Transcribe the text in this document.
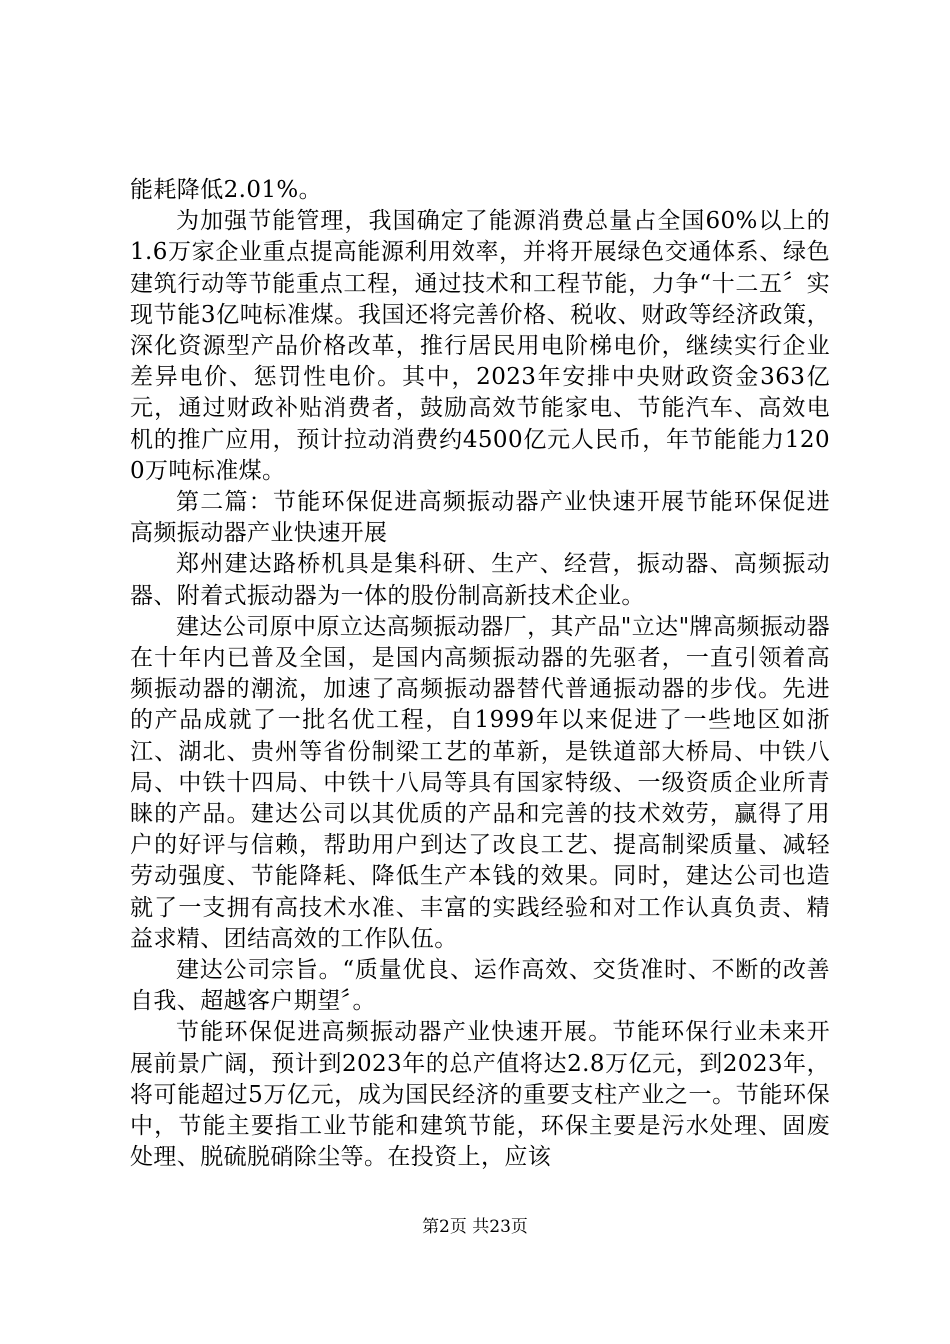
能耗降低2.01%。

为加强节能管理，我国确定了能源消费总量占全国60%以上的1.6万家企业重点提高能源利用效率，并将开展绿色交通体系、绿色建筑行动等节能重点工程，通过技术和工程节能，力争“十二五〞实现节能3亿吨标准煤。我国还将完善价格、税收、财政等经济政策，深化资源型产品价格改革，推行居民用电阶梯电价，继续实行企业差异电价、惩罚性电价。其中，2023年安排中央财政资金363亿元，通过财政补贴消费者，鼓励高效节能家电、节能汽车、高效电机的推广应用，预计拉动消费约4500亿元人民币，年节能能力1200万吨标准煤。

第二篇：节能环保促进高频振动器产业快速开展节能环保促进高频振动器产业快速开展

郑州建达路桥机具是集科研、生产、经营，振动器、高频振动器、附着式振动器为一体的股份制高新技术企业。

建达公司原中原立达高频振动器厂，其产品"立达"牌高频振动器在十年内已普及全国，是国内高频振动器的先驱者，一直引领着高频振动器的潮流，加速了高频振动器替代普通振动器的步伐。先进的产品成就了一批名优工程，自1999年以来促进了一些地区如浙江、湖北、贵州等省份制梁工艺的革新，是铁道部大桥局、中铁八局、中铁十四局、中铁十八局等具有国家特级、一级资质企业所青睐的产品。建达公司以其优质的产品和完善的技术效劳，赢得了用户的好评与信赖，帮助用户到达了改良工艺、提高制梁质量、减轻劳动强度、节能降耗、降低生产本钱的效果。同时，建达公司也造就了一支拥有高技术水准、丰富的实践经验和对工作认真负责、精益求精、团结高效的工作队伍。

建达公司宗旨。“质量优良、运作高效、交货准时、不断的改善自我、超越客户期望〞。

节能环保促进高频振动器产业快速开展。节能环保行业未来开展前景广阔，预计到2023年的总产值将达2.8万亿元，到2023年，将可能超过5万亿元，成为国民经济的重要支柱产业之一。节能环保中，节能主要指工业节能和建筑节能，环保主要是污水处理、固废处理、脱硫脱硝除尘等。在投资上，应该

第2页 共23页
